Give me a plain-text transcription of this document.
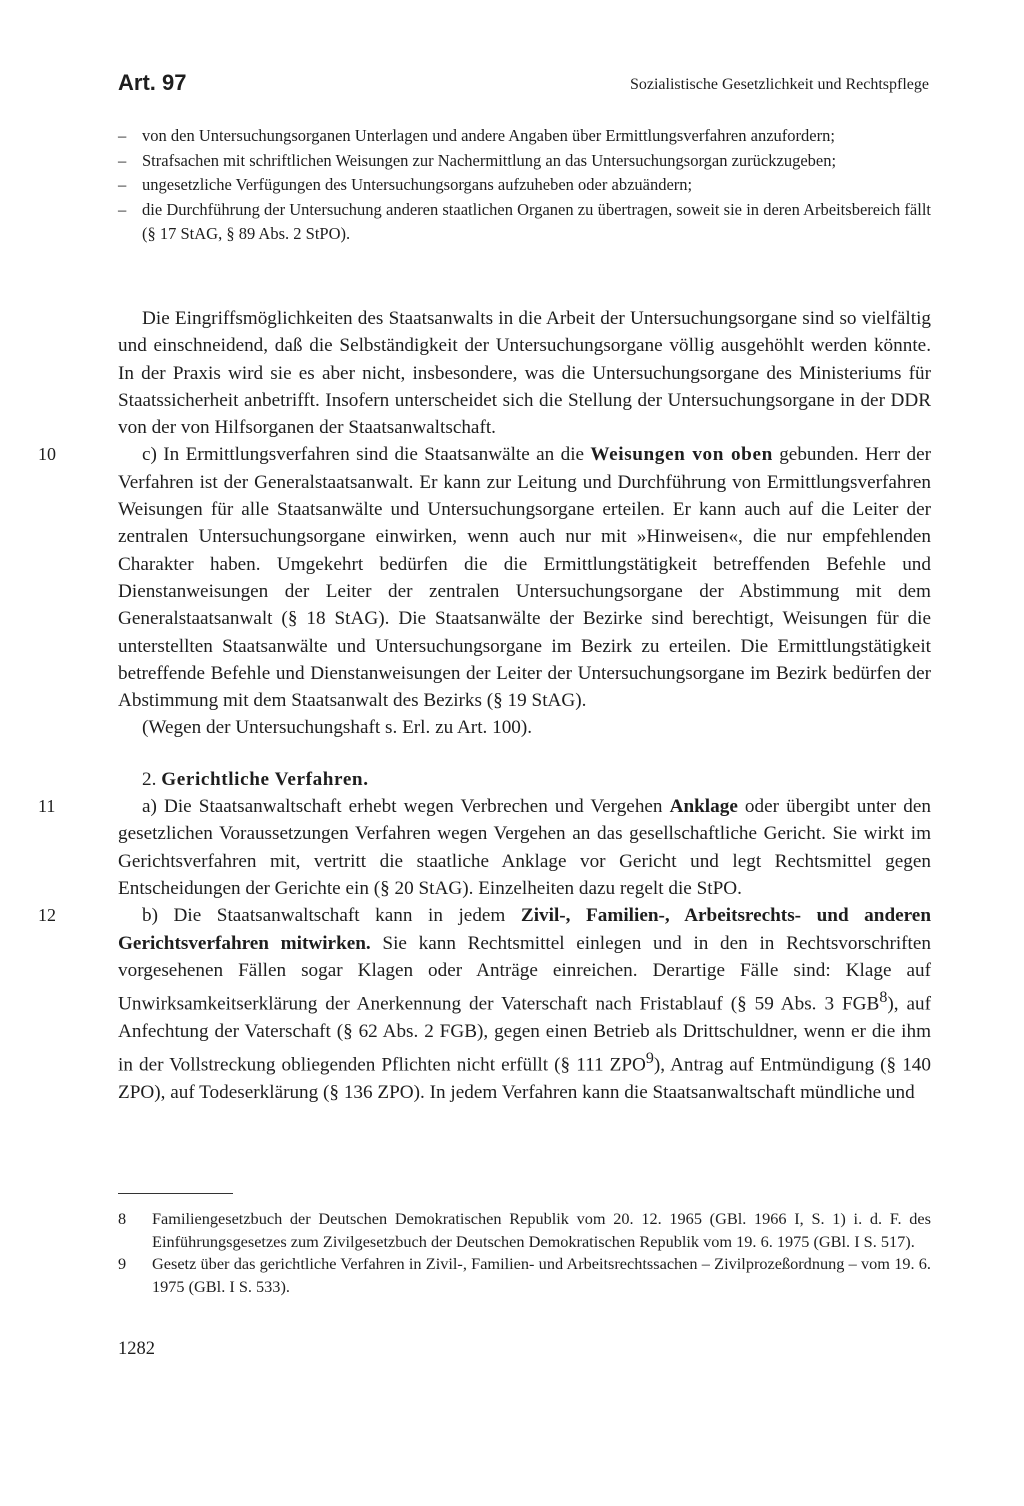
Art. 97	Sozialistische Gesetzlichkeit und Rechtspflege
– von den Untersuchungsorganen Unterlagen und andere Angaben über Ermittlungsverfahren anzufordern;
– Strafsachen mit schriftlichen Weisungen zur Nachermittlung an das Untersuchungsorgan zurückzugeben;
– ungesetzliche Verfügungen des Untersuchungsorgans aufzuheben oder abzuändern;
– die Durchführung der Untersuchung anderen staatlichen Organen zu übertragen, soweit sie in deren Arbeitsbereich fällt (§ 17 StAG, § 89 Abs. 2 StPO).
Die Eingriffsmöglichkeiten des Staatsanwalts in die Arbeit der Untersuchungsorgane sind so vielfältig und einschneidend, daß die Selbständigkeit der Untersuchungsorgane völlig ausgehöhlt werden könnte. In der Praxis wird sie es aber nicht, insbesondere, was die Untersuchungsorgane des Ministeriums für Staatssicherheit anbetrifft. Insofern unterscheidet sich die Stellung der Untersuchungsorgane in der DDR von der von Hilfsorganen der Staatsanwaltschaft.
10	c) In Ermittlungsverfahren sind die Staatsanwälte an die Weisungen von oben gebunden. Herr der Verfahren ist der Generalstaatsanwalt. Er kann zur Leitung und Durchführung von Ermittlungsverfahren Weisungen für alle Staatsanwälte und Untersuchungsorgane erteilen. Er kann auch auf die Leiter der zentralen Untersuchungsorgane einwirken, wenn auch nur mit »Hinweisen«, die nur empfehlenden Charakter haben. Umgekehrt bedürfen die die Ermittlungstätigkeit betreffenden Befehle und Dienstanweisungen der Leiter der zentralen Untersuchungsorgane der Abstimmung mit dem Generalstaatsanwalt (§ 18 StAG). Die Staatsanwälte der Bezirke sind berechtigt, Weisungen für die unterstellten Staatsanwälte und Untersuchungsorgane im Bezirk zu erteilen. Die Ermittlungstätigkeit betreffende Befehle und Dienstanweisungen der Leiter der Untersuchungsorgane im Bezirk bedürfen der Abstimmung mit dem Staatsanwalt des Bezirks (§ 19 StAG).
(Wegen der Untersuchungshaft s. Erl. zu Art. 100).
2. Gerichtliche Verfahren.
11	a) Die Staatsanwaltschaft erhebt wegen Verbrechen und Vergehen Anklage oder übergibt unter den gesetzlichen Voraussetzungen Verfahren wegen Vergehen an das gesellschaftliche Gericht. Sie wirkt im Gerichtsverfahren mit, vertritt die staatliche Anklage vor Gericht und legt Rechtsmittel gegen Entscheidungen der Gerichte ein (§ 20 StAG). Einzelheiten dazu regelt die StPO.
12	b) Die Staatsanwaltschaft kann in jedem Zivil-, Familien-, Arbeitsrechts- und anderen Gerichtsverfahren mitwirken. Sie kann Rechtsmittel einlegen und in den in Rechtsvorschriften vorgesehenen Fällen sogar Klagen oder Anträge einreichen. Derartige Fälle sind: Klage auf Unwirksamkeitserklärung der Anerkennung der Vaterschaft nach Fristablauf (§ 59 Abs. 3 FGB$^8$), auf Anfechtung der Vaterschaft (§ 62 Abs. 2 FGB), gegen einen Betrieb als Drittschuldner, wenn er die ihm in der Vollstreckung obliegenden Pflichten nicht erfüllt (§ 111 ZPO$^9$), Antrag auf Entmündigung (§ 140 ZPO), auf Todeserklärung (§ 136 ZPO). In jedem Verfahren kann die Staatsanwaltschaft mündliche und
8 Familiengesetzbuch der Deutschen Demokratischen Republik vom 20. 12. 1965 (GBl. 1966 I, S. 1) i. d. F. des Einführungsgesetzes zum Zivilgesetzbuch der Deutschen Demokratischen Republik vom 19. 6. 1975 (GBl. I S. 517).
9 Gesetz über das gerichtliche Verfahren in Zivil-, Familien- und Arbeitsrechtssachen – Zivilprozeßordnung – vom 19. 6. 1975 (GBl. I S. 533).
1282
